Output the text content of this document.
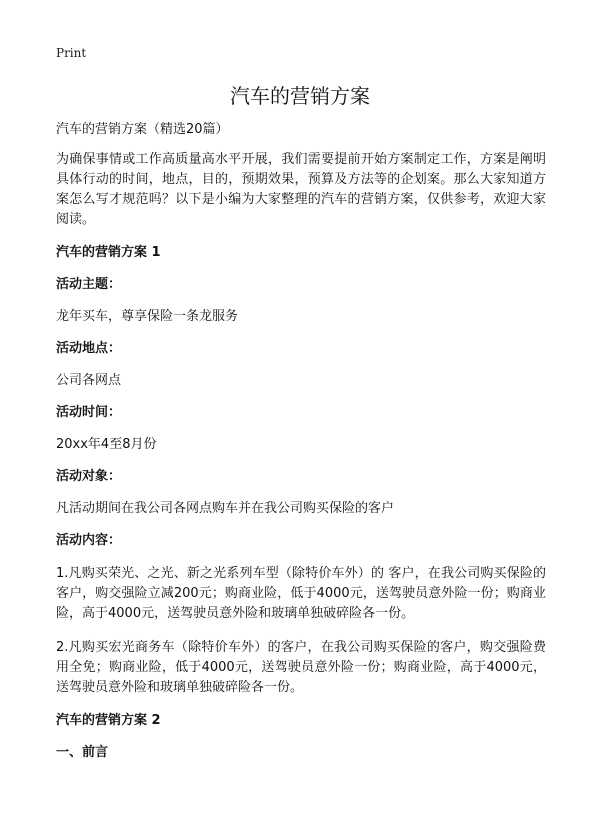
Print
汽车的营销方案
汽车的营销方案（精选20篇）
为确保事情或工作高质量高水平开展，我们需要提前开始方案制定工作，方案是阐明具体行动的时间，地点，目的，预期效果，预算及方法等的企划案。那么大家知道方案怎么写才规范吗？以下是小编为大家整理的汽车的营销方案，仅供参考，欢迎大家阅读。
汽车的营销方案 1
活动主题：
龙年买车，尊享保险一条龙服务
活动地点：
公司各网点
活动时间：
20xx年4至8月份
活动对象：
凡活动期间在我公司各网点购车并在我公司购买保险的客户
活动内容：
1.凡购买荣光、之光、新之光系列车型（除特价车外）的 客户，在我公司购买保险的客户，购交强险立减200元；购商业险，低于4000元，送驾驶员意外险一份；购商业险，高于4000元，送驾驶员意外险和玻璃单独破碎险各一份。
2.凡购买宏光商务车（除特价车外）的客户，在我公司购买保险的客户，购交强险费用全免；购商业险，低于4000元，送驾驶员意外险一份；购商业险，高于4000元，送驾驶员意外险和玻璃单独破碎险各一份。
汽车的营销方案 2
一、前言
